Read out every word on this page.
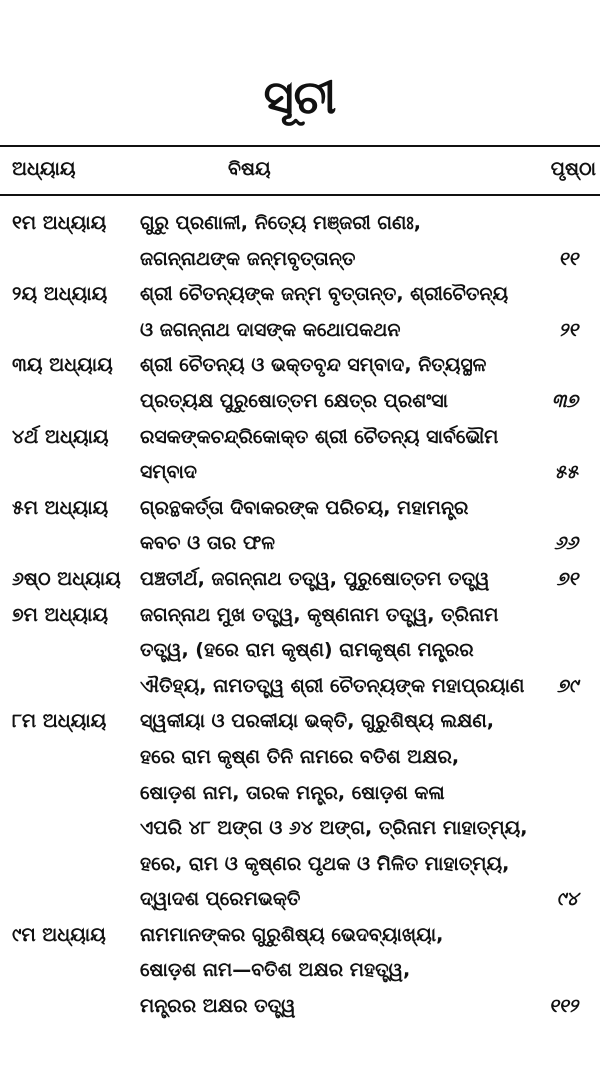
ସୂଚୀ
ଅଧ୍ୟାୟ	ବିଷୟ	ପୃଷ୍ଠା
୧ମ ଅଧ୍ୟାୟ ଗୁରୁ ପ୍ରଣାଳୀ, ନିତ୍ୟେ ମଞ୍ଜରୀ ଗଣଃ,
ଜଗନ୍ନାଥଙ୍କ ଜନ୍ମବୃତ୍ତାନ୍ତ	୧୧
୨ୟ ଅଧ୍ୟାୟ ଶ୍ରୀ ଚୈତନ୍ୟଙ୍କ ଜନ୍ମ ବୃତ୍ତାନ୍ତ, ଶ୍ରୀଚୈତନ୍ୟ
ଓ ଜଗନ୍ନାଥ ଦାସଙ୍କ କଥୋପକଥନ	୨୧
୩ୟ ଅଧ୍ୟାୟ ଶ୍ରୀ ଚୈତନ୍ୟ ଓ ଭକ୍ତବୃନ୍ଦ ସମ୍ବାଦ, ନିତ୍ୟସ୍ଥଳ
ପ୍ରତ୍ୟକ୍ଷ ପୁରୁଷୋତ୍ତମ କ୍ଷେତ୍ର ପ୍ରଶଂସା	୩୭
୪ର୍ଥ ଅଧ୍ୟାୟ ରସକଙ୍କଚନ୍ଦ୍ରିକୋକ୍ତ ଶ୍ରୀ ଚୈତନ୍ୟ ସାର୍ବଭୌମ
ସମ୍ବାଦ	୫୫
୫ମ ଅଧ୍ୟାୟ ଗ୍ରନ୍ଥକର୍ତ୍ତା ଦିବାକରଙ୍କ ପରିଚୟ, ମହାମନ୍ତ୍ର
କବଚ ଓ ତାର ଫଳ	୬୬
୬ଷ୍ଠ ଅଧ୍ୟାୟ ପଞ୍ଚତୀର୍ଥ, ଜଗନ୍ନାଥ ତତ୍ତ୍ୱ, ପୁରୁଷୋତ୍ତମ ତତ୍ତ୍ୱ	୭୧
୭ମ ଅଧ୍ୟାୟ ଜଗନ୍ନାଥ ମୁଖ ତତ୍ତ୍ୱ, କୃଷ୍ଣନାମ ତତ୍ତ୍ୱ, ତ୍ରିନାମ
ତତ୍ତ୍ୱ, (ହରେ ରାମ କୃଷ୍ଣ) ରାମକୃଷ୍ଣ ମନ୍ତ୍ରର
ଐତିହ୍ୟ, ନାମତତ୍ତ୍ୱ ଶ୍ରୀ ଚୈତନ୍ୟଙ୍କ ମହାପ୍ରୟାଣ ୭୯
୮ମ ଅଧ୍ୟାୟ ସ୍ୱକୀୟା ଓ ପରକୀୟା ଭକ୍ତି, ଗୁରୁଶିଷ୍ୟ ଲକ୍ଷଣ,
ହରେ ରାମ କୃଷ୍ଣ ତିନି ନାମରେ ବତିଶ ଅକ୍ଷର,
ଷୋଡ଼ଶ ନାମ, ତାରକ ମନ୍ତ୍ର, ଷୋଡ଼ଶ କଳା
ଏପରି ୪୮ ଅଙ୍ଗ ଓ ୬୪ ଅଙ୍ଗ, ତ୍ରିନାମ ମାହାତ୍ମ୍ୟ,
ହରେ, ରାମ ଓ କୃଷ୍ଣର ପୃଥକ ଓ ମିଳିତ ମାହାତ୍ମ୍ୟ,
ଦ୍ୱାଦଶ ପ୍ରେମଭକ୍ତି	୯୪
୯ମ ଅଧ୍ୟାୟ ନାମମାନଙ୍କର ଗୁରୁଶିଷ୍ୟ ଭେଦବ୍ୟାଖ୍ୟା,
ଷୋଡ଼ଶ ନାମ—ବତିଶ ଅକ୍ଷର ମହତ୍ତ୍ୱ,
ମନ୍ତ୍ରର ଅକ୍ଷର ତତ୍ତ୍ୱ	୧୧୨
